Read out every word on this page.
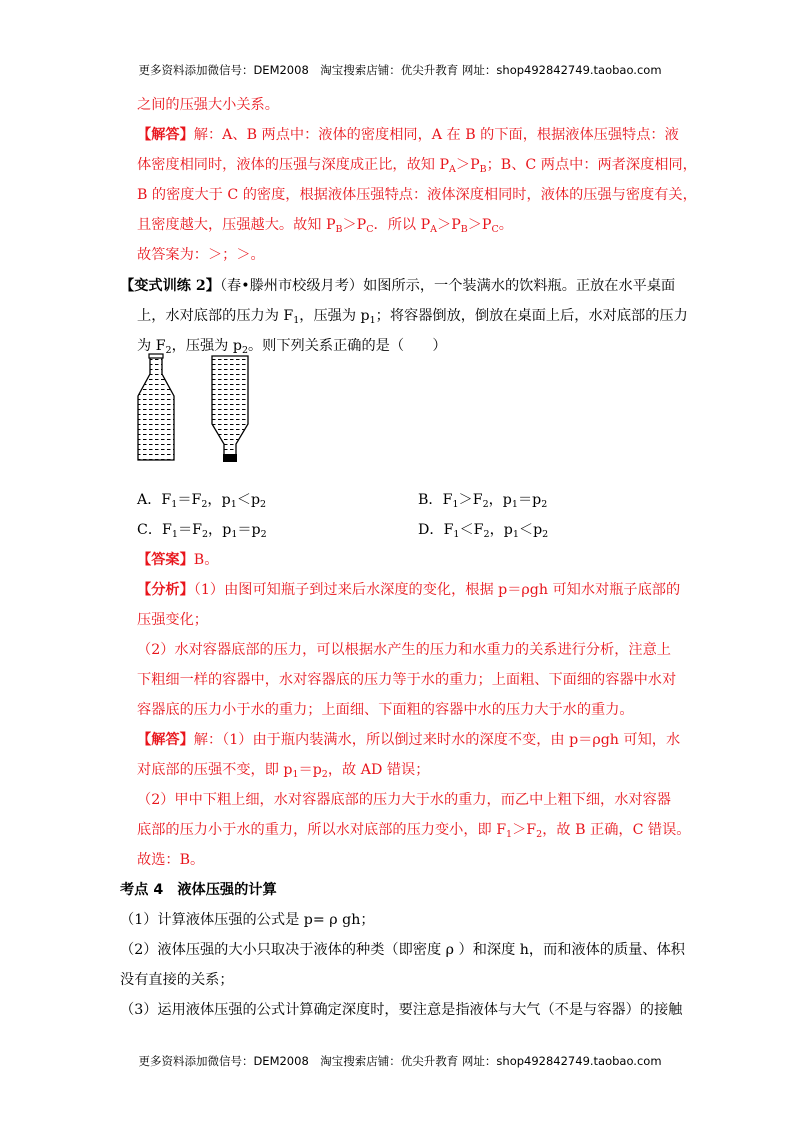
更多资料添加微信号：DEM2008　淘宝搜索店铺：优尖升教育 网址：shop492842749.taobao.com
之间的压强大小关系。
【解答】解：A、B 两点中：液体的密度相同，A 在 B 的下面，根据液体压强特点：液
体密度相同时，液体的压强与深度成正比，故知 $P_A>P_B$；B、C 两点中：两者深度相同，
B 的密度大于 C 的密度，根据液体压强特点：液体深度相同时，液体的压强与密度有关，
且密度越大，压强越大。故知 $P_B>P_C$．所以 $P_A>P_B>P_C$。
故答案为：＞；＞。
【变式训练 2】（春•滕州市校级月考）如图所示，一个装满水的饮料瓶。正放在水平桌面
上，水对底部的压力为 $F_1$，压强为 $p_1$；将容器倒放，倒放在桌面上后，水对底部的压力
为 $F_2$，压强为 $p_2$。则下列关系正确的是（　　）
A．$F_1=F_2$，$p_1<p_2$	B．$F_1>F_2$，$p_1=p_2$
C．$F_1=F_2$，$p_1=p_2$	D．$F_1<F_2$，$p_1<p_2$
【答案】B。
【分析】（1）由图可知瓶子到过来后水深度的变化，根据 p＝ρgh 可知水对瓶子底部的
压强变化；
（2）水对容器底部的压力，可以根据水产生的压力和水重力的关系进行分析，注意上
下粗细一样的容器中，水对容器底的压力等于水的重力；上面粗、下面细的容器中水对
容器底的压力小于水的重力；上面细、下面粗的容器中水的压力大于水的重力。
【解答】解：（1）由于瓶内装满水，所以倒过来时水的深度不变，由 p＝ρgh 可知，水
对底部的压强不变，即 $p_1=p_2$，故 AD 错误；
（2）甲中下粗上细，水对容器底部的压力大于水的重力，而乙中上粗下细，水对容器
底部的压力小于水的重力，所以水对底部的压力变小，即 $F_1>F_2$，故 B 正确，C 错误。
故选：B。
考点 4　液体压强的计算
（1）计算液体压强的公式是 p= ρ gh；
（2）液体压强的大小只取决于液体的种类（即密度 ρ ）和深度 h，而和液体的质量、体积
没有直接的关系；
（3）运用液体压强的公式计算确定深度时，要注意是指液体与大气（不是与容器）的接触
更多资料添加微信号：DEM2008　淘宝搜索店铺：优尖升教育 网址：shop492842749.taobao.com
